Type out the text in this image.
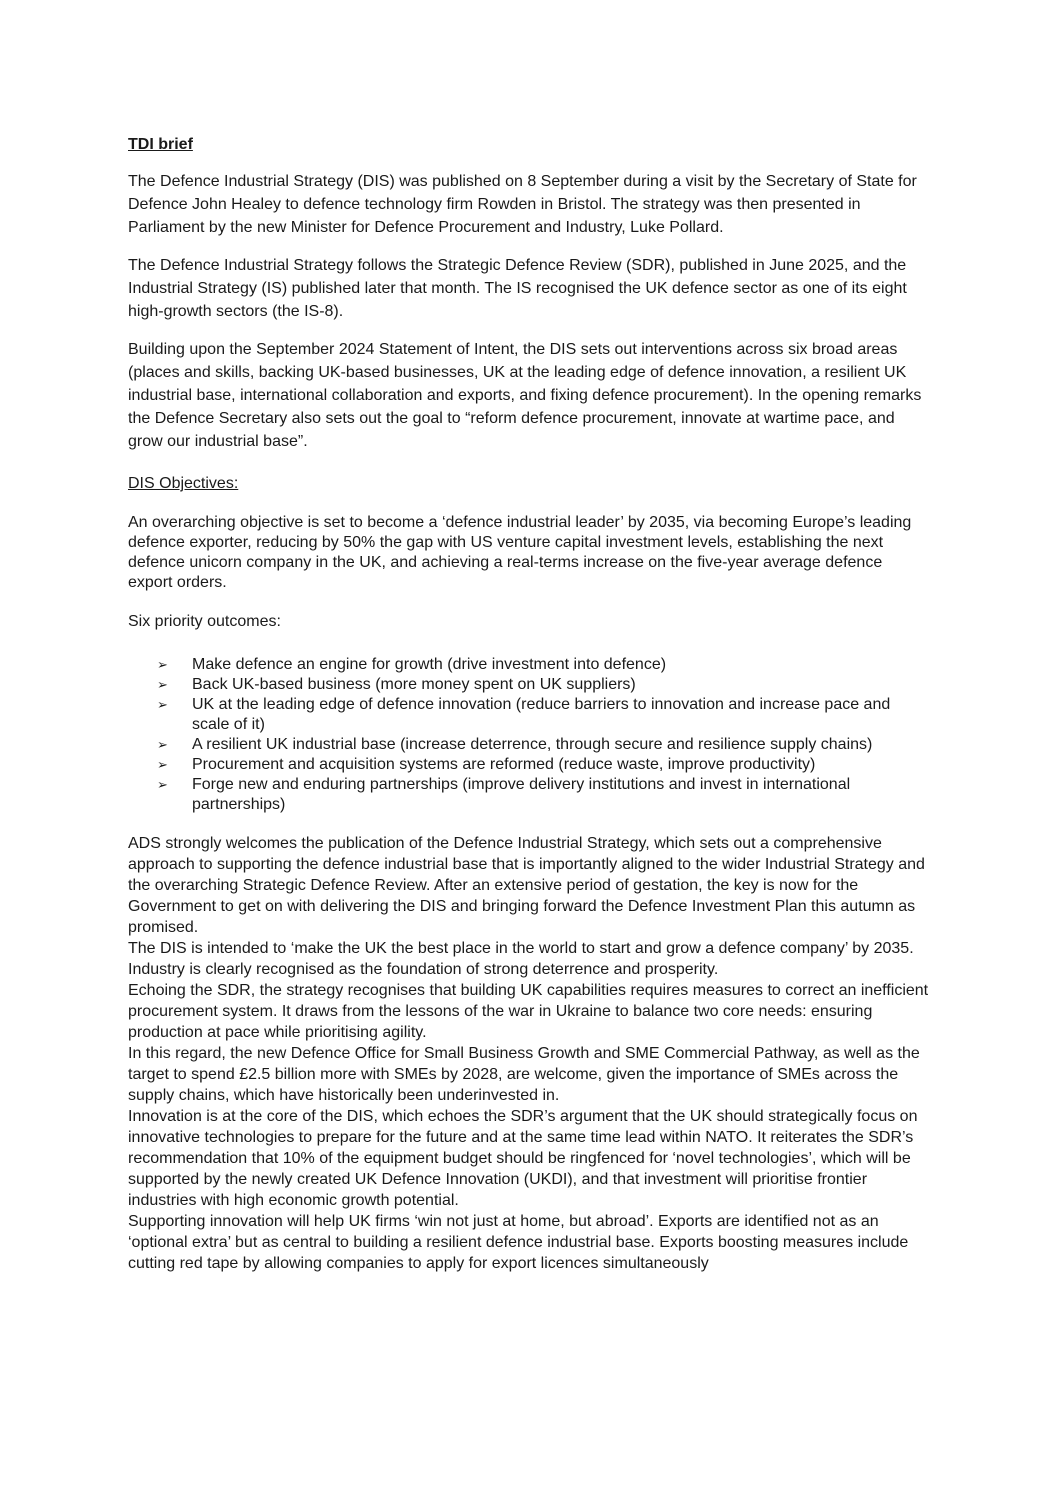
TDI brief

The Defence Industrial Strategy (DIS) was published on 8 September during a visit by the Secretary of State for Defence John Healey to defence technology firm Rowden in Bristol. The strategy was then presented in Parliament by the new Minister for Defence Procurement and Industry, Luke Pollard.

The Defence Industrial Strategy follows the Strategic Defence Review (SDR), published in June 2025, and the Industrial Strategy (IS) published later that month. The IS recognised the UK defence sector as one of its eight high-growth sectors (the IS-8).

Building upon the September 2024 Statement of Intent, the DIS sets out interventions across six broad areas (places and skills, backing UK-based businesses, UK at the leading edge of defence innovation, a resilient UK industrial base, international collaboration and exports, and fixing defence procurement). In the opening remarks the Defence Secretary also sets out the goal to “reform defence procurement, innovate at wartime pace, and grow our industrial base”.

DIS Objectives:

An overarching objective is set to become a ‘defence industrial leader’ by 2035, via becoming Europe’s leading defence exporter, reducing by 50% the gap with US venture capital investment levels, establishing the next defence unicorn company in the UK, and achieving a real-terms increase on the five-year average defence export orders.

Six priority outcomes:

➢	Make defence an engine for growth (drive investment into defence)
➢	Back UK-based business (more money spent on UK suppliers)
➢	UK at the leading edge of defence innovation (reduce barriers to innovation and increase pace and scale of it)
➢	A resilient UK industrial base (increase deterrence, through secure and resilience supply chains)
➢	Procurement and acquisition systems are reformed (reduce waste, improve productivity)
➢	Forge new and enduring partnerships (improve delivery institutions and invest in international partnerships)

ADS strongly welcomes the publication of the Defence Industrial Strategy, which sets out a comprehensive approach to supporting the defence industrial base that is importantly aligned to the wider Industrial Strategy and the overarching Strategic Defence Review. After an extensive period of gestation, the key is now for the Government to get on with delivering the DIS and bringing forward the Defence Investment Plan this autumn as promised.

The DIS is intended to ‘make the UK the best place in the world to start and grow a defence company’ by 2035. Industry is clearly recognised as the foundation of strong deterrence and prosperity.

Echoing the SDR, the strategy recognises that building UK capabilities requires measures to correct an inefficient procurement system. It draws from the lessons of the war in Ukraine to balance two core needs: ensuring production at pace while prioritising agility.

In this regard, the new Defence Office for Small Business Growth and SME Commercial Pathway, as well as the target to spend £2.5 billion more with SMEs by 2028, are welcome, given the importance of SMEs across the supply chains, which have historically been underinvested in.

Innovation is at the core of the DIS, which echoes the SDR’s argument that the UK should strategically focus on innovative technologies to prepare for the future and at the same time lead within NATO. It reiterates the SDR’s recommendation that 10% of the equipment budget should be ringfenced for ‘novel technologies’, which will be supported by the newly created UK Defence Innovation (UKDI), and that investment will prioritise frontier industries with high economic growth potential.

Supporting innovation will help UK firms ‘win not just at home, but abroad’. Exports are identified not as an ‘optional extra’ but as central to building a resilient defence industrial base. Exports boosting measures include cutting red tape by allowing companies to apply for export licences simultaneously
